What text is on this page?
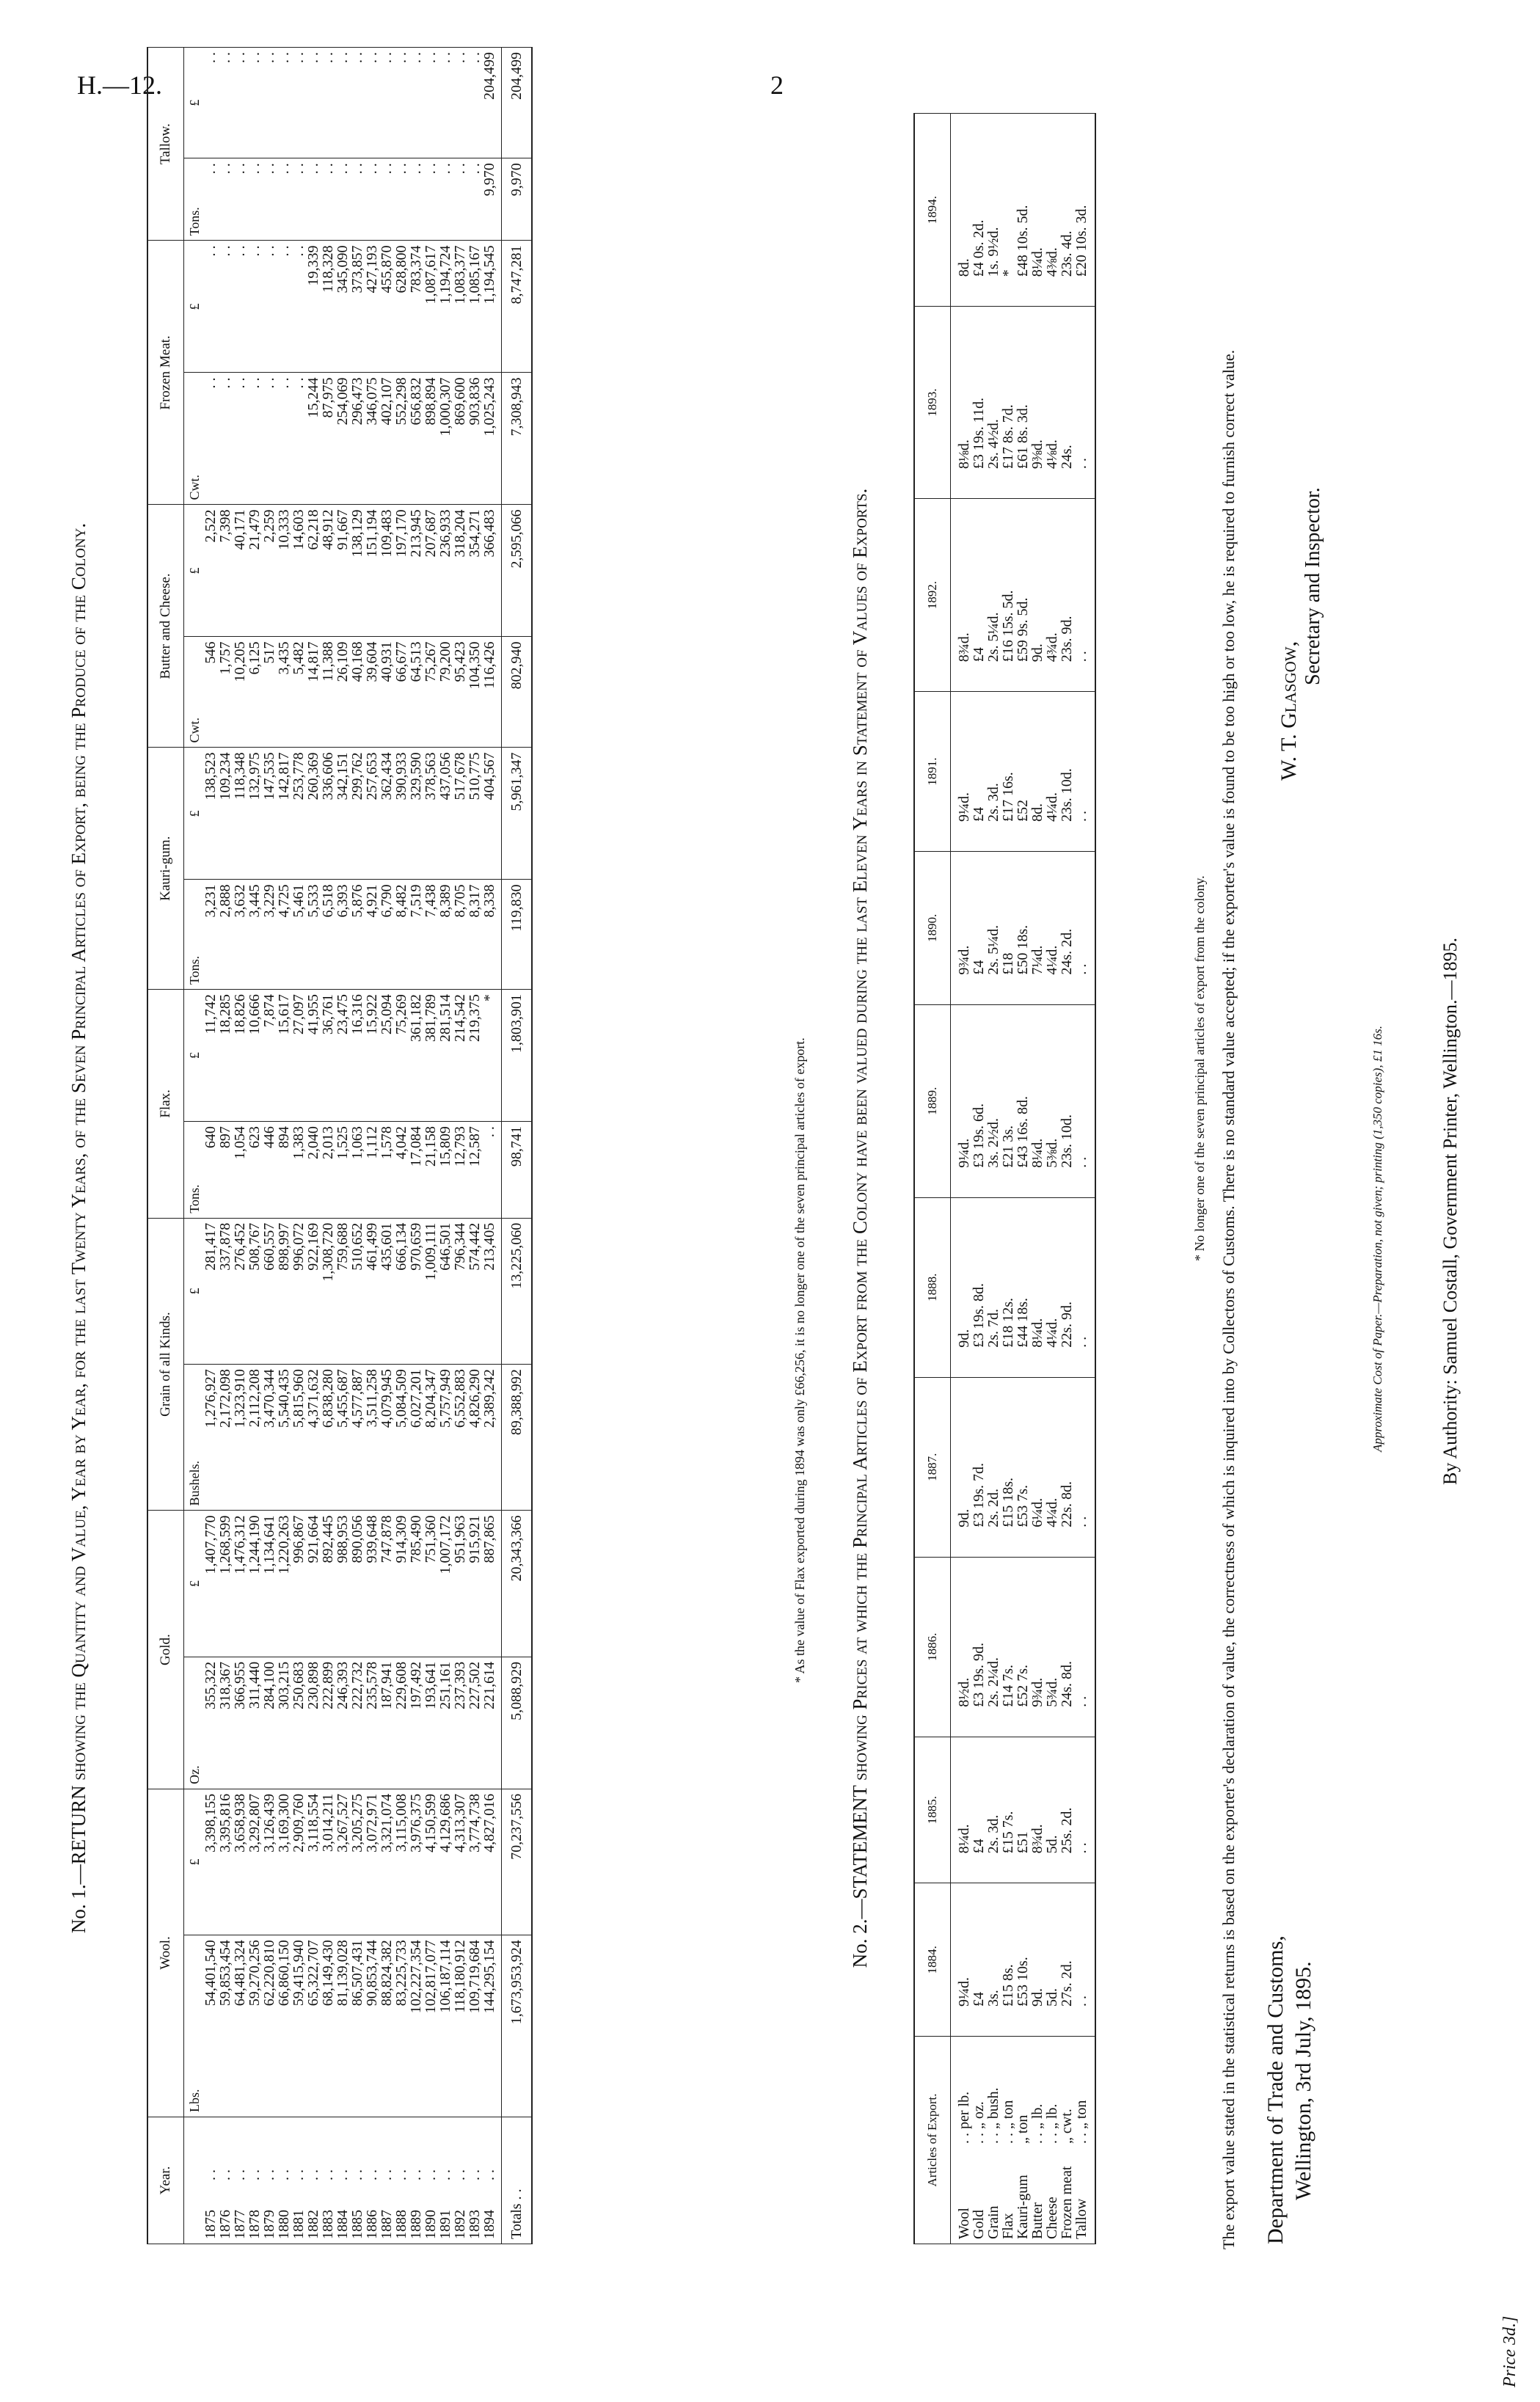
H.—12.	2
No. 1.—RETURN showing the Quantity and Value, Year by Year, for the last Twenty Years, of the Seven Principal Articles of Export, being the Produce of the Colony.
Year.	Wool.		Gold.		Grain of all Kinds.		Flax.		Kauri-gum.		Butter and Cheese.		Frozen Meat.		Tallow.	
	Lbs.	£	Oz.	£	Bushels.	£	Tons.	£	Tons.	£	Cwt.	£	Cwt.	£	Tons.	£
1875. .	54,401,540	3,398,155	355,322	1,407,770	1,276,927	281,417	640	11,742	3,231	138,523	546	2,522	. .	. .	. .	. .
1876. .	59,853,454	3,395,816	318,367	1,268,599	2,172,098	337,878	897	18,285	2,888	109,234	1,757	7,398	. .	. .	. .	. .
1877. .	64,481,324	3,658,938	366,955	1,476,312	1,323,910	276,452	1,054	18,826	3,632	118,348	10,205	40,171	. .	. .	. .	. .
1878. .	59,270,256	3,292,807	311,440	1,244,190	2,112,208	508,767	623	10,666	3,445	132,975	6,125	21,479	. .	. .	. .	. .
1879. .	62,220,810	3,126,439	284,100	1,134,641	3,470,344	660,557	446	7,874	3,229	147,535	517	2,259	. .	. .	. .	. .
1880. .	66,860,150	3,169,300	303,215	1,220,263	5,540,435	898,997	894	15,617	4,725	142,817	3,435	10,333	. .	. .	. .	. .
1881. .	59,415,940	2,909,760	250,683	996,867	5,815,960	996,072	1,383	27,097	5,461	253,778	5,482	14,603	. .	. .	. .	. .
1882. .	65,322,707	3,118,554	230,898	921,664	4,371,632	922,169	2,040	41,955	5,533	260,369	14,817	62,218	15,244	19,339	. .	. .
1883. .	68,149,430	3,014,211	222,899	892,445	6,838,280	1,308,720	2,013	36,761	6,518	336,606	11,388	48,912	87,975	118,328	. .	. .
1884. .	81,139,028	3,267,527	246,393	988,953	5,455,687	759,688	1,525	23,475	6,393	342,151	26,109	91,667	254,069	345,090	. .	. .
1885. .	86,507,431	3,205,275	222,732	890,056	4,577,887	510,652	1,063	16,316	5,876	299,762	40,168	138,129	296,473	373,857	. .	. .
1886. .	90,853,744	3,072,971	235,578	939,648	3,511,258	461,499	1,112	15,922	4,921	257,653	39,604	151,194	346,075	427,193	. .	. .
1887. .	88,824,382	3,321,074	187,941	747,878	4,079,945	435,601	1,578	25,094	6,790	362,434	40,931	109,483	402,107	455,870	. .	. .
1888. .	83,225,733	3,115,008	229,608	914,309	5,084,509	666,134	4,042	75,269	8,482	390,933	66,677	197,170	552,298	628,800	. .	. .
1889. .	102,227,354	3,976,375	197,492	785,490	6,027,201	970,659	17,084	361,182	7,519	329,590	64,513	213,945	656,832	783,374	. .	. .
1890. .	102,817,077	4,150,599	193,641	751,360	8,204,347	1,009,111	21,158	381,789	7,438	378,563	75,267	207,687	898,894	1,087,617	. .	. .
1891. .	106,187,114	4,129,686	251,161	1,007,172	5,757,949	646,501	15,809	281,514	8,389	437,056	79,200	236,933	1,000,307	1,194,724	. .	. .
1892. .	118,180,912	4,313,307	237,393	951,963	6,552,883	796,344	12,793	214,542	8,705	517,678	95,423	318,204	869,600	1,083,377	. .	. .
1893. .	109,719,684	3,774,738	227,502	915,921	4,826,290	574,442	12,587	219,375	8,317	510,775	104,350	354,271	903,836	1,085,167	. .	. .
1894. .	144,295,154	4,827,016	221,614	887,865	2,389,242	213,405	. .	*	8,338	404,567	116,426	366,483	1,025,243	1,194,545	9,970	204,499
Totals . .	1,673,953,924	70,237,556	5,088,929	20,343,366	89,388,992	13,225,060	98,741	1,803,901	119,830	5,961,347	802,940	2,595,066	7,308,943	8,747,281	9,970	204,499
* As the value of Flax exported during 1894 was only £66,256, it is no longer one of the seven principal articles of export.
No. 2.—STATEMENT showing Prices at which the Principal Articles of Export from the Colony have been valued during the last Eleven Years in Statement of Values of Exports.
Articles of Export.	1884.	1885.	1886.	1887.	1888.	1889.	1890.	1891.	1892.	1893.	1894.
Wool. . per lb.	9¼d.	8¼d.	8½d.	9d.	9d.	9¼d.	9¾d.	9¼d.	8¾d.	8⅛d.	8d.
Gold. . „ oz.	£4	£4	£3 19s. 9d.	£3 19s. 7d.	£3 19s. 8d.	£3 19s. 6d.	£4	£4	£4	£3 19s. 11d.	£4 0s. 2d.
Grain. . „ bush.	3s.	2s. 3d.	2s. 2¼d.	2s. 2d.	2s. 7d.	3s. 2½d.	2s. 5¼d.	2s. 3d.	2s. 5¼d.	2s. 4½d.	1s. 9½d.
Flax. . „ ton	£15 8s.	£15 7s.	£14 7s.	£15 18s.	£18 12s.	£21 3s.	£18	£17 16s.	£16 15s. 5d.	£17 8s. 7d.	*
Kauri-gum„ ton	£53 10s.	£51	£52 7s.	£53 7s.	£44 18s.	£43 16s. 8d.	£50 18s.	£52	£59 9s. 5d.	£61 8s. 3d.	£48 10s. 5d.
Butter. . „ lb.	9d.	8¾d.	9¾d.	6¼d.	8¼d.	8¼d.	7¼d.	8d.	9d.	9⅜d.	8¼d.
Cheese. . „ lb.	5d.	5d.	5¾d.	4¼d.	4¼d.	5⅜d.	4¼d.	4¼d.	4¾d.	4⅛d.	4⅜d.
Frozen meat„ cwt.	27s. 2d.	25s. 2d.	24s. 8d.	22s. 8d.	22s. 9d.	23s. 10d.	24s. 2d.	23s. 10d.	23s. 9d.	24s.	23s. 4d.
Tallow. . „ ton	. .	. .	. .	. .	. .	. .	. .	. .	. .	. .	£20 10s. 3d.
* No longer one of the seven principal articles of export from the colony. The export value stated in the statistical returns is based on the exporter's declaration of value, the correctness of which is inquired into by Collectors of Customs. There is no standard value accepted; if the exporter's value is found to be too high or too low, he is required to furnish correct value. W. T. Glasgow,
Secretary and Inspector.
Department of Trade and Customs, Wellington, 3rd July, 1895.
Approximate Cost of Paper.—Preparation, not given; printing (1,350 copies), £1 16s.	By Authority: Samuel Costall, Government Printer, Wellington.—1895.
Price 3d.]
